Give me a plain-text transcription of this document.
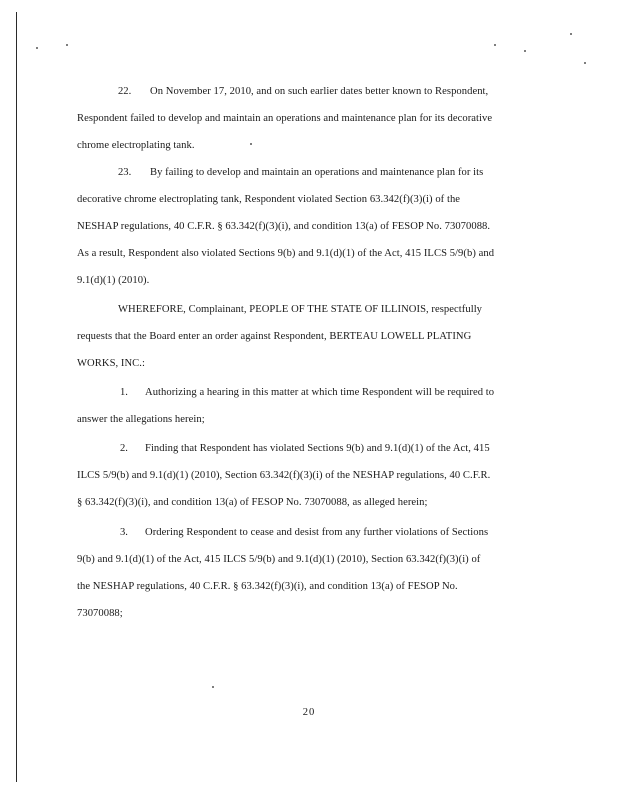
22. On November 17, 2010, and on such earlier dates better known to Respondent,
Respondent failed to develop and maintain an operations and maintenance plan for its decorative
chrome electroplating tank.
23. By failing to develop and maintain an operations and maintenance plan for its
decorative chrome electroplating tank, Respondent violated Section 63.342(f)(3)(i) of the
NESHAP regulations, 40 C.F.R. § 63.342(f)(3)(i), and condition 13(a) of FESOP No. 73070088.
As a result, Respondent also violated Sections 9(b) and 9.1(d)(1) of the Act, 415 ILCS 5/9(b) and
9.1(d)(1) (2010).
WHEREFORE, Complainant, PEOPLE OF THE STATE OF ILLINOIS, respectfully
requests that the Board enter an order against Respondent, BERTEAU LOWELL PLATING
WORKS, INC.:
1. Authorizing a hearing in this matter at which time Respondent will be required to
answer the allegations herein;
2. Finding that Respondent has violated Sections 9(b) and 9.1(d)(1) of the Act, 415
ILCS 5/9(b) and 9.1(d)(1) (2010), Section 63.342(f)(3)(i) of the NESHAP regulations, 40 C.F.R.
§ 63.342(f)(3)(i), and condition 13(a) of FESOP No. 73070088, as alleged herein;
3. Ordering Respondent to cease and desist from any further violations of Sections
9(b) and 9.1(d)(1) of the Act, 415 ILCS 5/9(b) and 9.1(d)(1) (2010), Section 63.342(f)(3)(i) of
the NESHAP regulations, 40 C.F.R. § 63.342(f)(3)(i), and condition 13(a) of FESOP No.
73070088;
20
